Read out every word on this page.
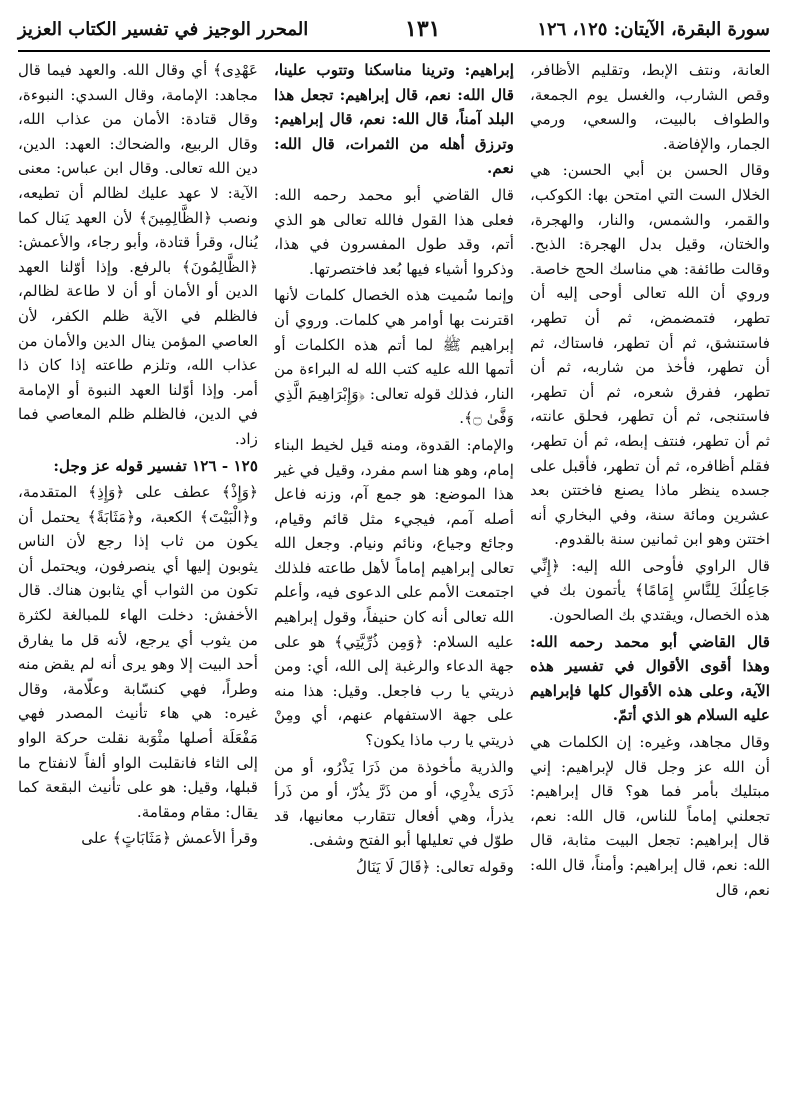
سورة البقرة، الآيتان: ١٢٥، ١٢٦
١٣١
المحرر الوجيز في تفسير الكتاب العزيز

العانة، ونتف الإبط، وتقليم الأظافر، وقص الشارب، والغسل يوم الجمعة، والطواف بالبيت، والسعي، ورمي الجمار، والإفاضة.

وقال الحسن بن أبي الحسن: هي الخلال الست التي امتحن بها: الكوكب، والقمر، والشمس، والنار، والهجرة، والختان، وقيل بدل الهجرة: الذبح. وقالت طائفة: هي مناسك الحج خاصة. وروي أن الله تعالى أوحى إليه أن تطهر، فتمضمض، ثم أن تطهر، فاستنشق، ثم أن تطهر، فاستاك، ثم أن تطهر، فأخذ من شاربه، ثم أن تطهر، ففرق شعره، ثم أن تطهر، فاستنجى، ثم أن تطهر، فحلق عانته، ثم أن تطهر، فنتف إبطه، ثم أن تطهر، فقلم أظافره، ثم أن تطهر، فأقبل على جسده ينظر ماذا يصنع فاختتن بعد عشرين ومائة سنة، وفي البخاري أنه اختتن وهو ابن ثمانين سنة بالقدوم.

قال الراوي فأوحى الله إليه: ﴿إِنِّي جَاعِلُكَ لِلنَّاسِ إِمَامًا﴾ يأتمون بك في هذه الخصال، ويقتدي بك الصالحون.

قال القاضي أبو محمد رحمه الله: وهذا أقوى الأقوال في تفسير هذه الآية، وعلى هذه الأقوال كلها فإبراهيم عليه السلام هو الذي أتمّ.

وقال مجاهد، وغيره: إن الكلمات هي أن الله عز وجل قال لإبراهيم: إني مبتليك بأمر فما هو؟ قال إبراهيم: تجعلني إماماً للناس، قال الله: نعم، قال إبراهيم: تجعل البيت مثابة، قال الله: نعم، قال إبراهيم: وأمناً، قال الله: نعم، قال

إبراهيم: وترينا مناسكنا وتتوب علينا، قال الله: نعم، قال إبراهيم: تجعل هذا البلد آمناً، قال الله: نعم، قال إبراهيم: وترزق أهله من الثمرات، قال الله: نعم.

قال القاضي أبو محمد رحمه الله: فعلى هذا القول فالله تعالى هو الذي أتم، وقد طول المفسرون في هذا، وذكروا أشياء فيها بُعد فاختصرتها.

وإنما سُميت هذه الخصال كلمات لأنها اقترنت بها أوامر هي كلمات. وروي أن إبراهيم ﷺ لما أتم هذه الكلمات أو أتمها الله عليه كتب الله له البراءة من النار، فذلك قوله تعالى: ﴿وَإِبْرَاهِيمَ الَّذِي وَفَّىٰ ۝﴾.

والإمام: القدوة، ومنه قيل لخيط البناء إمام، وهو هنا اسم مفرد، وقيل في غير هذا الموضع: هو جمع آم، وزنه فاعل أصله آمم، فيجيء مثل قائم وقيام، وجائع وجياع، ونائم ونيام. وجعل الله تعالى إبراهيم إماماً لأهل طاعته فلذلك اجتمعت الأمم على الدعوى فيه، وأعلم الله تعالى أنه كان حنيفاً، وقول إبراهيم عليه السلام: ﴿وَمِن ذُرِّيَّتِي﴾ هو على جهة الدعاء والرغبة إلى الله، أي: ومن ذريتي يا رب فاجعل. وقيل: هذا منه على جهة الاستفهام عنهم، أي ومِنْ ذريتي يا رب ماذا يكون؟

والذرية مأخوذة من ذَرَا يَذْرُو، أو من ذَرَى يذْرِي، أو من ذَرَّ يذُرّ، أو من ذَرأ يذرأ، وهي أفعال تتقارب معانيها، قد طوّل في تعليلها أبو الفتح وشفى.

وقوله تعالى: ﴿قَالَ لَا يَنَالُ

عَهْدِى﴾ أي وقال الله. والعهد فيما قال مجاهد: الإمامة، وقال السدي: النبوءة، وقال قتادة: الأمان من عذاب الله، وقال الربيع، والضحاك: العهد: الدين، دين الله تعالى. وقال ابن عباس: معنى الآية: لا عهد عليك لظالم أن تطيعه، ونصب ﴿الظَّالِمِينَ﴾ لأن العهد يَنال كما يُنال، وقرأ قتادة، وأبو رجاء، والأعمش: ﴿الظَّالِمُونَ﴾ بالرفع. وإذا أوّلنا العهد الدين أو الأمان أو أن لا طاعة لظالم، فالظلم في الآية ظلم الكفر، لأن العاصي المؤمن ينال الدين والأمان من عذاب الله، وتلزم طاعته إذا كان ذا أمر. وإذا أوّلنا العهد النبوة أو الإمامة في الدين، فالظلم ظلم المعاصي فما زاد.

١٢٥ - ١٢٦ تفسير قوله عز وجل:

﴿وَإِذْ﴾ عطف على ﴿وَإِذِ﴾ المتقدمة، و﴿الْبَيْتَ﴾ الكعبة، و﴿مَثَابَةً﴾ يحتمل أن يكون من ثاب إذا رجع لأن الناس يثوبون إليها أي ينصرفون، ويحتمل أن تكون من الثواب أي يثابون هناك. قال الأخفش: دخلت الهاء للمبالغة لكثرة من يثوب أي يرجع، لأنه قل ما يفارق أحد البيت إلا وهو يرى أنه لم يقض منه وطراً، فهي كنسّابة وعلّامة، وقال غيره: هي هاء تأنيث المصدر فهي مَفْعَلَة أصلها مثْوَبة نقلت حركة الواو إلى الثاء فانقلبت الواو ألفاً لانفتاح ما قبلها، وقيل: هو على تأنيث البقعة كما يقال: مقام ومقامة.

وقرأ الأعمش ﴿مَثَابَاتٍ﴾ على
